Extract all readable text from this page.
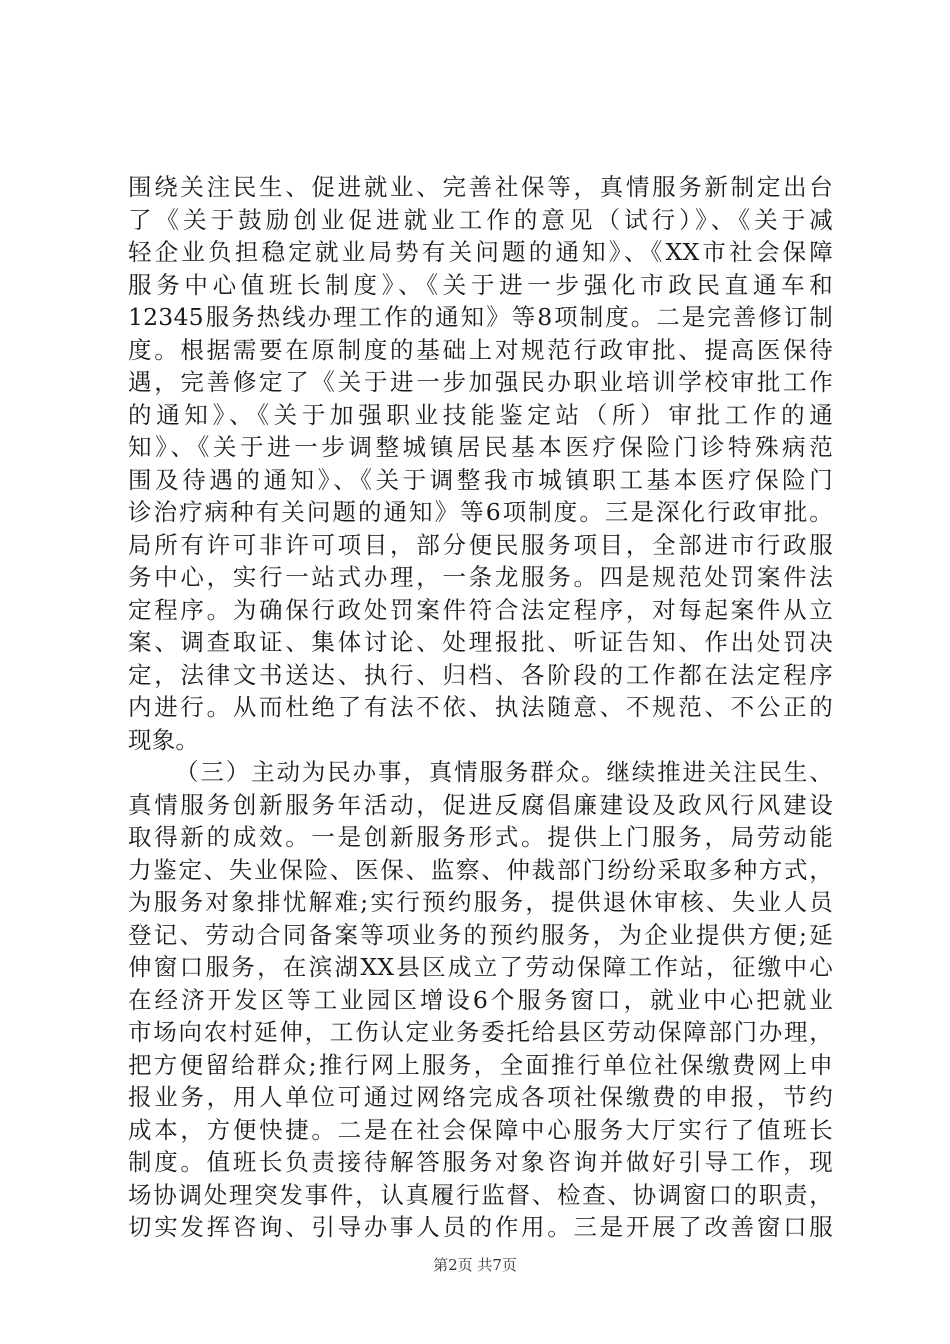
围绕关注民生、促进就业、完善社保等，真情服务新制定出台
了《关于鼓励创业促进就业工作的意见（试行）》、《关于减
轻企业负担稳定就业局势有关问题的通知》、《XX市社会保障
服务中心值班长制度》、《关于进一步强化市政民直通车和
12345服务热线办理工作的通知》等8项制度。二是完善修订制
度。根据需要在原制度的基础上对规范行政审批、提高医保待
遇，完善修定了《关于进一步加强民办职业培训学校审批工作
的通知》、《关于加强职业技能鉴定站（所）审批工作的通
知》、《关于进一步调整城镇居民基本医疗保险门诊特殊病范
围及待遇的通知》、《关于调整我市城镇职工基本医疗保险门
诊治疗病种有关问题的通知》等6项制度。三是深化行政审批。
局所有许可非许可项目，部分便民服务项目，全部进市行政服
务中心，实行一站式办理，一条龙服务。四是规范处罚案件法
定程序。为确保行政处罚案件符合法定程序，对每起案件从立
案、调查取证、集体讨论、处理报批、听证告知、作出处罚决
定，法律文书送达、执行、归档、各阶段的工作都在法定程序
内进行。从而杜绝了有法不依、执法随意、不规范、不公正的
现象。
（三）主动为民办事，真情服务群众。继续推进关注民生、
真情服务创新服务年活动，促进反腐倡廉建设及政风行风建设
取得新的成效。一是创新服务形式。提供上门服务，局劳动能
力鉴定、失业保险、医保、监察、仲裁部门纷纷采取多种方式，
为服务对象排忧解难;实行预约服务，提供退休审核、失业人员
登记、劳动合同备案等项业务的预约服务，为企业提供方便;延
伸窗口服务，在滨湖XX县区成立了劳动保障工作站，征缴中心
在经济开发区等工业园区增设6个服务窗口，就业中心把就业
市场向农村延伸，工伤认定业务委托给县区劳动保障部门办理，
把方便留给群众;推行网上服务，全面推行单位社保缴费网上申
报业务，用人单位可通过网络完成各项社保缴费的申报，节约
成本，方便快捷。二是在社会保障中心服务大厅实行了值班长
制度。值班长负责接待解答服务对象咨询并做好引导工作，现
场协调处理突发事件，认真履行监督、检查、协调窗口的职责，
切实发挥咨询、引导办事人员的作用。三是开展了改善窗口服
第2页 共7页
